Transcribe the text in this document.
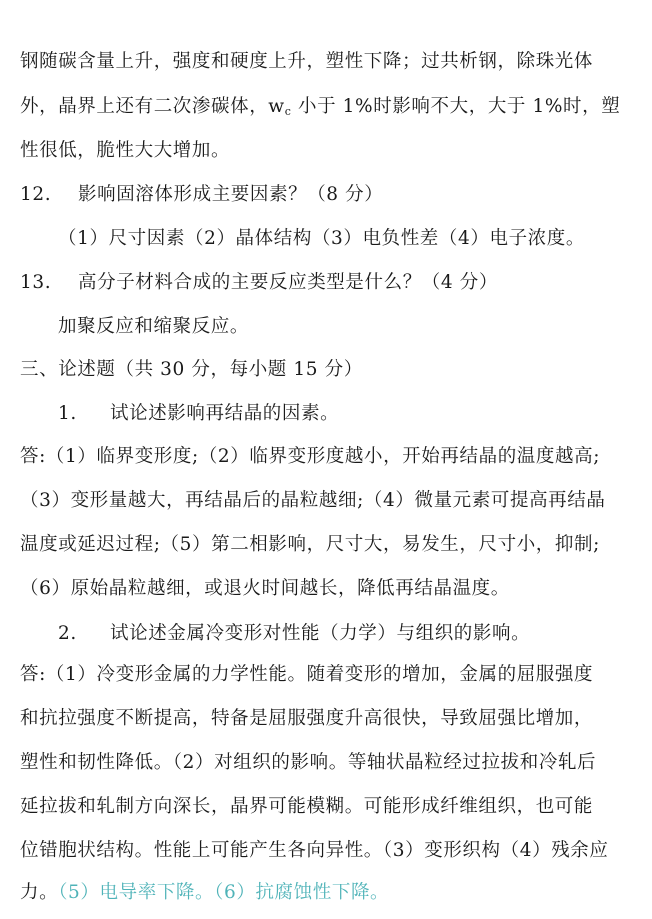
钢随碳含量上升，强度和硬度上升，塑性下降；过共析钢，除珠光体
外，晶界上还有二次渗碳体，$w_c$ 小于 1%时影响不大，大于 1%时，塑
性很低，脆性大大增加。
12. 影响固溶体形成主要因素？（8 分）
（1）尺寸因素（2）晶体结构（3）电负性差（4）电子浓度。
13. 高分子材料合成的主要反应类型是什么？（4 分）
加聚反应和缩聚反应。
三、论述题（共 30 分，每小题 15 分）
1. 试论述影响再结晶的因素。
答:（1）临界变形度;（2）临界变形度越小，开始再结晶的温度越高;
（3）变形量越大，再结晶后的晶粒越细;（4）微量元素可提高再结晶
温度或延迟过程;（5）第二相影响，尺寸大，易发生，尺寸小，抑制;
（6）原始晶粒越细，或退火时间越长，降低再结晶温度。
2. 试论述金属冷变形对性能（力学）与组织的影响。
答:（1）冷变形金属的力学性能。随着变形的增加，金属的屈服强度
和抗拉强度不断提高，特备是屈服强度升高很快，导致屈强比增加，
塑性和韧性降低。（2）对组织的影响。等轴状晶粒经过拉拔和冷轧后
延拉拔和轧制方向深长，晶界可能模糊。可能形成纤维组织，也可能
位错胞状结构。性能上可能产生各向异性。（3）变形织构（4）残余应
力。（5）电导率下降。（6）抗腐蚀性下降。
